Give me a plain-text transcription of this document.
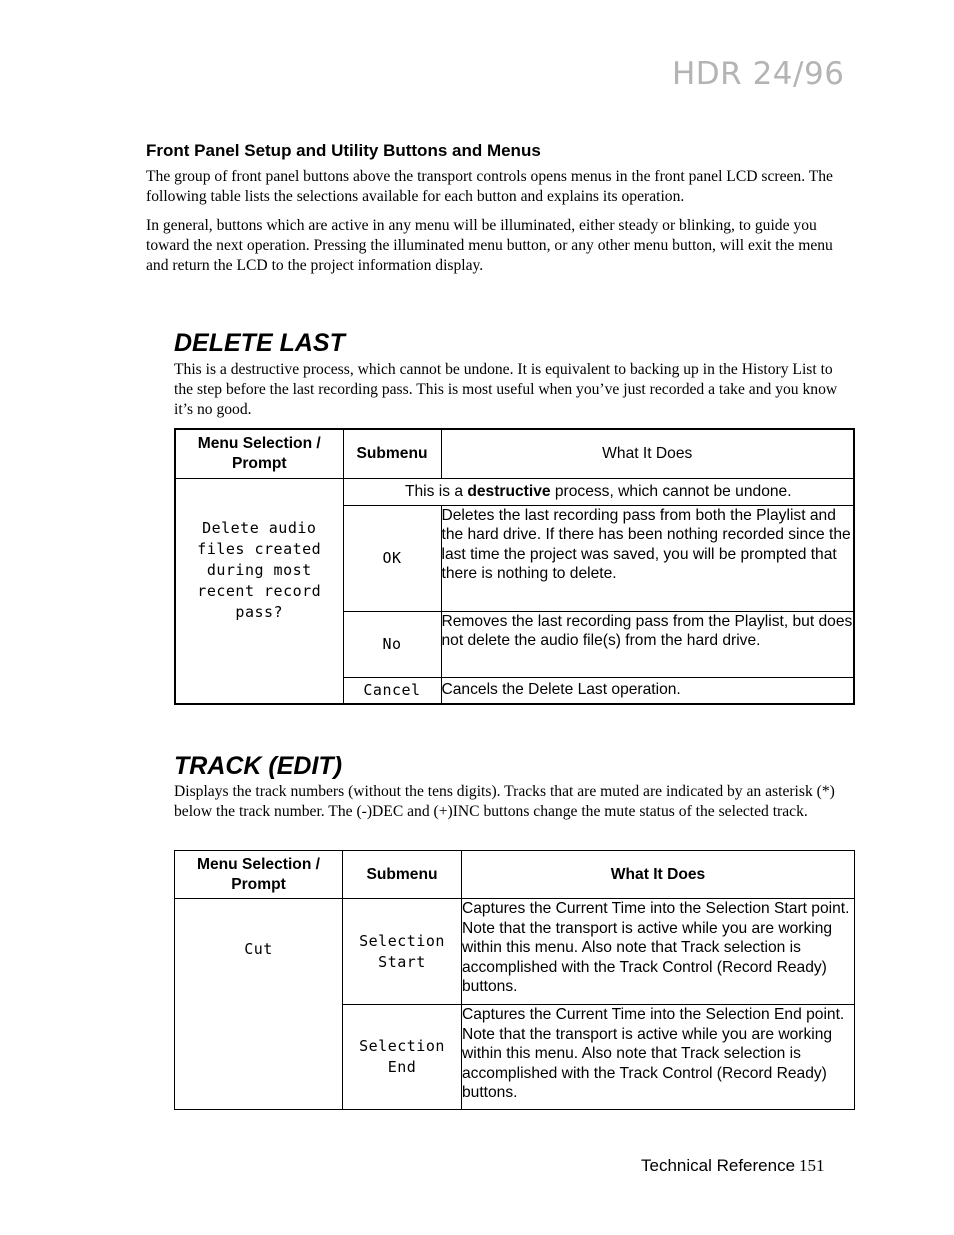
HDR 24/96
Front Panel Setup and Utility Buttons and Menus

The group of front panel buttons above the transport controls opens menus in the front panel LCD screen. The following table lists the selections available for each button and explains its operation.

In general, buttons which are active in any menu will be illuminated, either steady or blinking, to guide you toward the next operation. Pressing the illuminated menu button, or any other menu button, will exit the menu and return the LCD to the project information display.

DELETE LAST

This is a destructive process, which cannot be undone. It is equivalent to backing up in the History List to the step before the last recording pass. This is most useful when you’ve just recorded a take and you know it’s no good.

Menu Selection / Prompt	Submenu	What It Does

Delete audio files created during most recent record pass?	This is a destructive process, which cannot be undone.	
	OK	Deletes the last recording pass from both the Playlist and the hard drive. If there has been nothing recorded since the last time the project was saved, you will be prompted that there is nothing to delete.
	No	Removes the last recording pass from the Playlist, but does not delete the audio file(s) from the hard drive.
	Cancel	Cancels the Delete Last operation.
TRACK (EDIT)

Displays the track numbers (without the tens digits). Tracks that are muted are indicated by an asterisk (*) below the track number. The (-)DEC and (+)INC buttons change the mute status of the selected track.

Menu Selection / Prompt	Submenu	What It Does

Cut	Selection Start	Captures the Current Time into the Selection Start point. Note that the transport is active while you are working within this menu. Also note that Track selection is accomplished with the Track Control (Record Ready) buttons.

	Selection End	Captures the Current Time into the Selection End point. Note that the transport is active while you are working within this menu. Also note that Track selection is accomplished with the Track Control (Record Ready) buttons.
Technical Reference 151
